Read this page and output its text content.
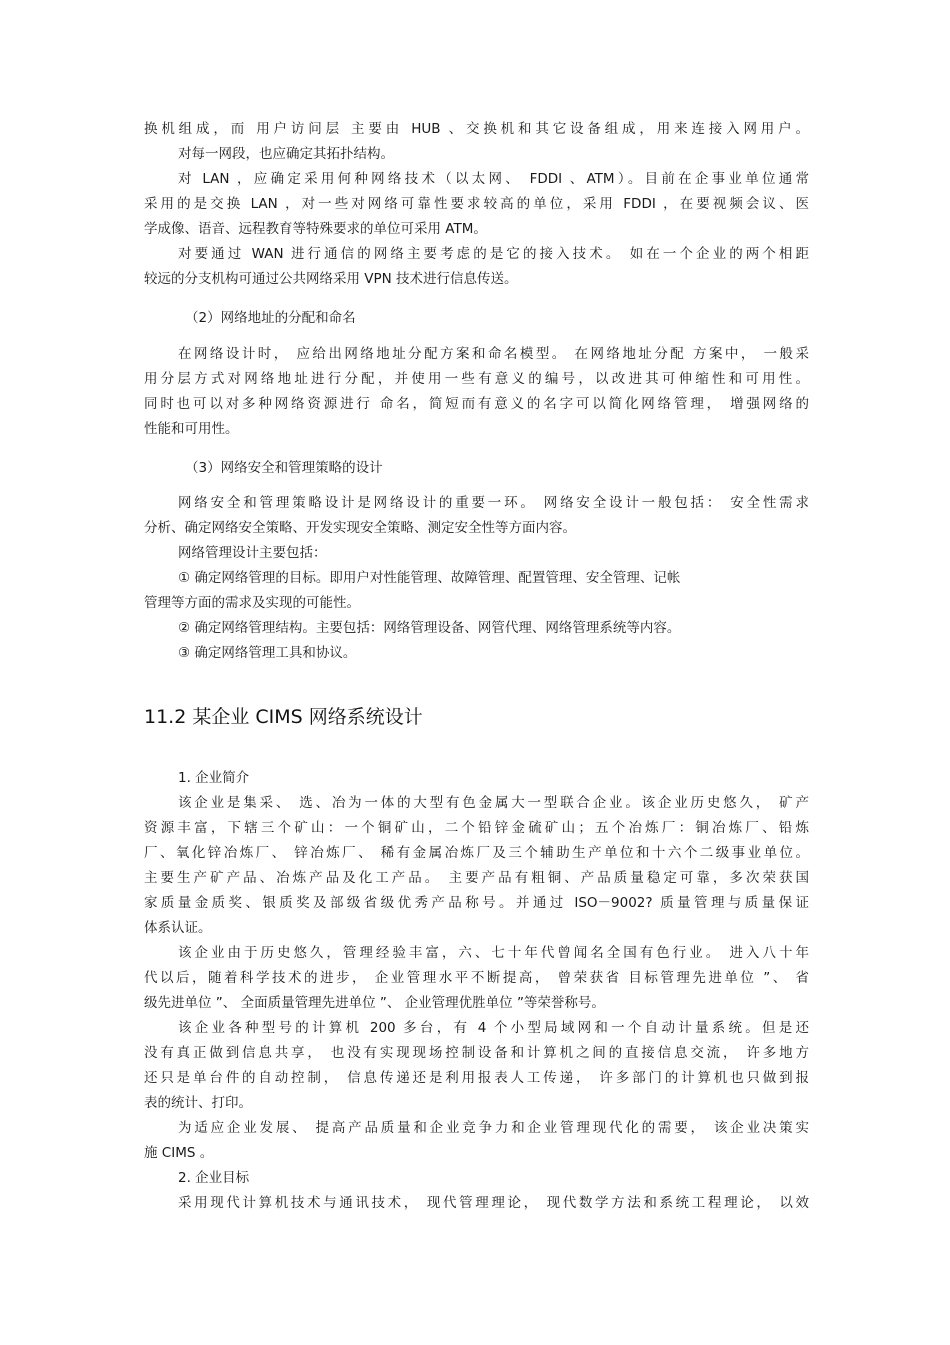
换机组成，而 用户访问层 主要由 HUB 、交换机和其它设备组成，用来连接入网用户。
对每一网段，也应确定其拓扑结构。
对 LAN ，应确定采用何种网络技术（以太网、 FDDI 、ATM）。目前在企事业单位通常
采用的是交换 LAN ，对一些对网络可靠性要求较高的单位，采用 FDDI ，在要视频会议、医
学成像、语音、远程教育等特殊要求的单位可采用 ATM。
对要通过 WAN 进行通信的网络主要考虑的是它的接入技术。 如在一个企业的两个相距
较远的分支机构可通过公共网络采用 VPN 技术进行信息传送。
（2）网络地址的分配和命名
在网络设计时， 应给出网络地址分配方案和命名模型。 在网络地址分配 方案中， 一般采
用分层方式对网络地址进行分配，并使用一些有意义的编号，以改进其可伸缩性和可用性。
同时也可以对多种网络资源进行 命名，简短而有意义的名字可以简化网络管理， 增强网络的
性能和可用性。
（3）网络安全和管理策略的设计
网络安全和管理策略设计是网络设计的重要一环。 网络安全设计一般包括： 安全性需求
分析、确定网络安全策略、开发实现安全策略、测定安全性等方面内容。
网络管理设计主要包括：
① 确定网络管理的目标。即用户对性能管理、故障管理、配置管理、安全管理、记帐
管理等方面的需求及实现的可能性。
② 确定网络管理结构。主要包括：网络管理设备、网管代理、网络管理系统等内容。
③ 确定网络管理工具和协议。
11.2 某企业 CIMS 网络系统设计
1. 企业简介
该企业是集采、 选、冶为一体的大型有色金属大一型联合企业。该企业历史悠久， 矿产
资源丰富，下辖三个矿山：一个铜矿山，二个铅锌金硫矿山；五个冶炼厂：铜冶炼厂、铅炼
厂、氧化锌冶炼厂、 锌冶炼厂、 稀有金属冶炼厂及三个辅助生产单位和十六个二级事业单位。
主要生产矿产品、冶炼产品及化工产品。 主要产品有粗铜、产品质量稳定可靠，多次荣获国
家质量金质奖、银质奖及部级省级优秀产品称号。并通过 ISO－9002? 质量管理与质量保证
体系认证。
该企业由于历史悠久，管理经验丰富，六、七十年代曾闻名全国有色行业。 进入八十年
代以后，随着科学技术的进步， 企业管理水平不断提高， 曾荣获省 目标管理先进单位 ”、 省
级先进单位 ”、 全面质量管理先进单位 ”、 企业管理优胜单位 ”等荣誉称号。
该企业各种型号的计算机 200 多台，有 4 个小型局域网和一个自动计量系统。但是还
没有真正做到信息共享， 也没有实现现场控制设备和计算机之间的直接信息交流， 许多地方
还只是单台件的自动控制， 信息传递还是利用报表人工传递， 许多部门的计算机也只做到报
表的统计、打印。
为适应企业发展、 提高产品质量和企业竞争力和企业管理现代化的需要， 该企业决策实
施 CIMS 。
2. 企业目标
采用现代计算机技术与通讯技术， 现代管理理论， 现代数学方法和系统工程理论， 以效
